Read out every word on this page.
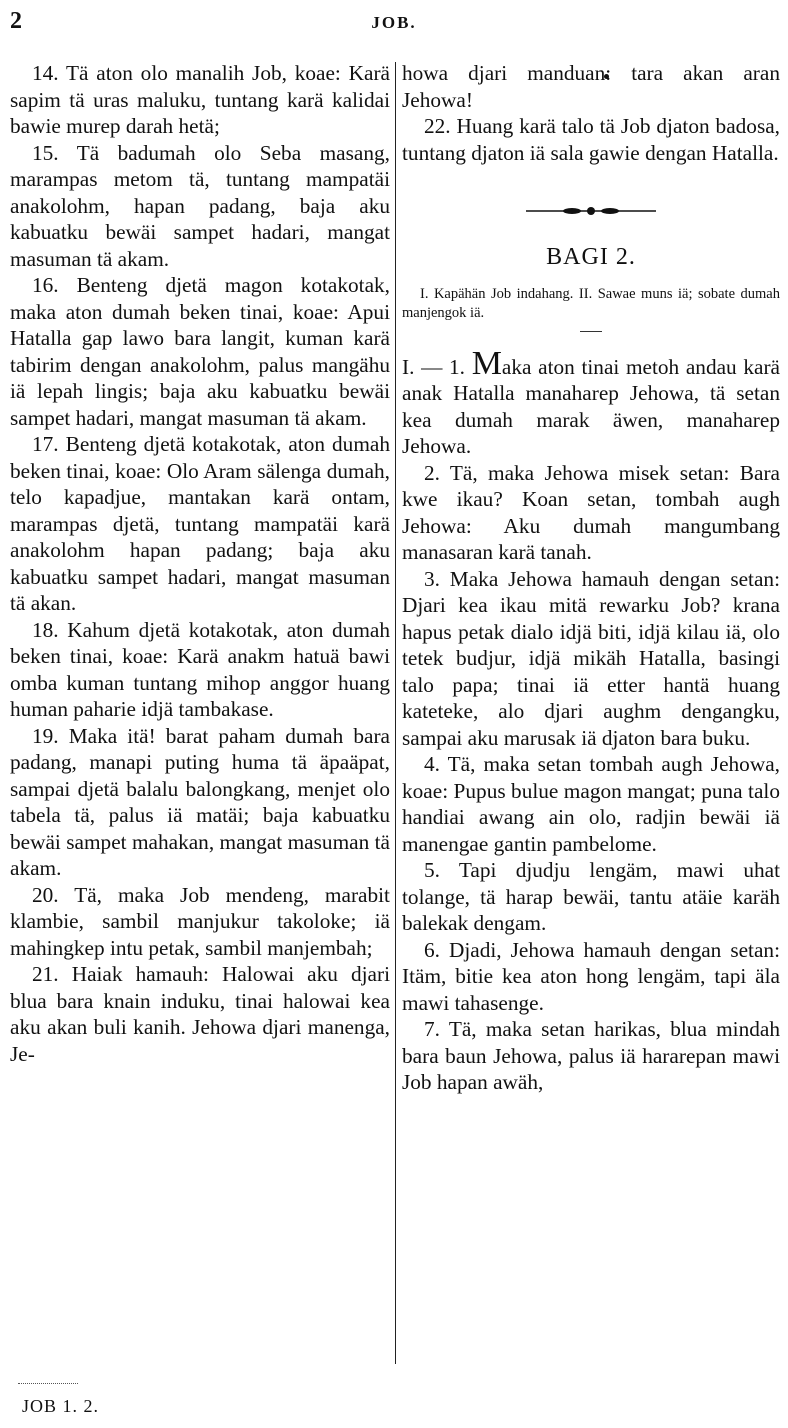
2	JOB.

14. Tä aton olo manalih Job, koae: Karä sapim tä uras maluku, tuntang karä kalidai bawie murep darah hetä;

15. Tä badumah olo Seba masang, marampas metom tä, tuntang mampatäi anakolohm, hapan padang, baja aku kabuatku bewäi sampet hadari, mangat masuman tä akam.

16. Benteng djetä magon kotakotak, maka aton dumah beken tinai, koae: Apui Hatalla gap lawo bara langit, kuman karä tabirim dengan anakolohm, palus mangähu iä lepah lingis; baja aku kabuatku bewäi sampet hadari, mangat masuman tä akam.

17. Benteng djetä kotakotak, aton dumah beken tinai, koae: Olo Aram sälenga dumah, telo kapadjue, mantakan karä ontam, marampas djetä, tuntang mampatäi karä anakolohm hapan padang; baja aku kabuatku sampet hadari, mangat masuman tä akan.

18. Kahum djetä kotakotak, aton dumah beken tinai, koae: Karä anakm hatuä bawi omba kuman tuntang mihop anggor huang human paharie idjä tambakase.

19. Maka itä! barat paham dumah bara padang, manapi puting huma tä äpaäpat, sampai djetä balalu balongkang, menjet olo tabela tä, palus iä matäi; baja kabuatku bewäi sampet mahakan, mangat masuman tä akam.

20. Tä, maka Job mendeng, marabit klambie, sambil manjukur takoloke; iä mahingkep intu petak, sambil manjembah;

21. Haiak hamauh: Halowai aku djari blua bara knain induku, tinai halowai kea aku akan buli kanih. Jehowa djari manenga, Je-

howa djari manduan: tara akan aran Jehowa!

22. Huang karä talo tä Job djaton badosa, tuntang djaton iä sala gawie dengan Hatalla.

BAGI 2.

I. Kapähän Job indahang. II. Sawae muns iä; sobate dumah manjengok iä.

I. — 1. Maka aton tinai metoh andau karä anak Hatalla manaharep Jehowa, tä setan kea dumah marak äwen, manaharep Jehowa.

2. Tä, maka Jehowa misek setan: Bara kwe ikau? Koan setan, tombah augh Jehowa: Aku dumah mangumbang manasaran karä tanah.

3. Maka Jehowa hamauh dengan setan: Djari kea ikau mitä rewarku Job? krana hapus petak dialo idjä biti, idjä kilau iä, olo tetek budjur, idjä mikäh Hatalla, basingi talo papa; tinai iä etter hantä huang kateteke, alo djari aughm dengangku, sampai aku marusak iä djaton bara buku.

4. Tä, maka setan tombah augh Jehowa, koae: Pupus bulue magon mangat; puna talo handiai awang ain olo, radjin bewäi iä manengae gantin pambelome.

5. Tapi djudju lengäm, mawi uhat tolange, tä harap bewäi, tantu atäie karäh balekak dengam.

6. Djadi, Jehowa hamauh dengan setan: Itäm, bitie kea aton hong lengäm, tapi äla mawi tahasenge.

7. Tä, maka setan harikas, blua mindah bara baun Jehowa, palus iä hararepan mawi Job hapan awäh,

JOB 1. 2.
